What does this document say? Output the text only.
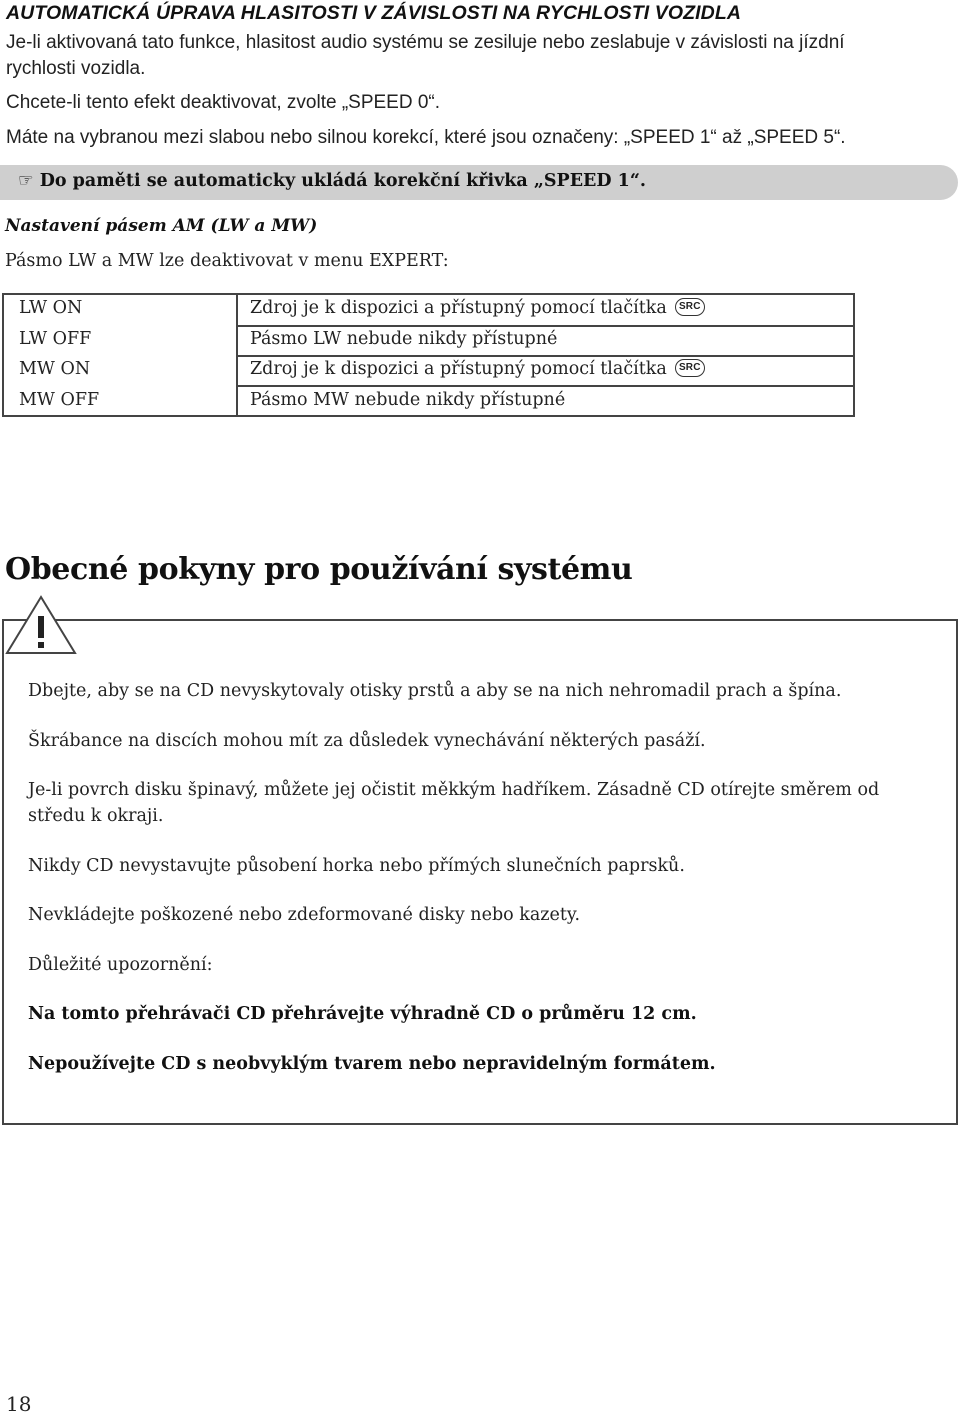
AUTOMATICKÁ ÚPRAVA HLASITOSTI V ZÁVISLOSTI NA RYCHLOSTI VOZIDLA
Je-li aktivovaná tato funkce, hlasitost audio systému se zesiluje nebo zeslabuje v závislosti na jízdní
rychlosti vozidla.
Chcete-li tento efekt deaktivovat, zvolte „SPEED 0“.
Máte na vybranou mezi slabou nebo silnou korekcí, které jsou označeny: „SPEED 1“ až „SPEED 5“.
☞ Do paměti se automaticky ukládá korekční křivka „SPEED 1“.
Nastavení pásem AM (LW a MW)
Pásmo LW a MW lze deaktivovat v menu EXPERT:
LW ON
LW OFF
MW ON
MW OFF
Zdroj je k dispozici a přístupný pomocí tlačítka SRC
Pásmo LW nebude nikdy přístupné
Zdroj je k dispozici a přístupný pomocí tlačítka SRC
Pásmo MW nebude nikdy přístupné
Obecné pokyny pro používání systému
Dbejte, aby se na CD nevyskytovaly otisky prstů a aby se na nich nehromadil prach a špína.
Škrábance na discích mohou mít za důsledek vynechávání některých pasáží.
Je-li povrch disku špinavý, můžete jej očistit měkkým hadříkem. Zásadně CD otírejte směrem od
středu k okraji.
Nikdy CD nevystavujte působení horka nebo přímých slunečních paprsků.
Nevkládejte poškozené nebo zdeformované disky nebo kazety.
Důležité upozornění:
Na tomto přehrávači CD přehrávejte výhradně CD o průměru 12 cm.
Nepoužívejte CD s neobvyklým tvarem nebo nepravidelným formátem.
18
